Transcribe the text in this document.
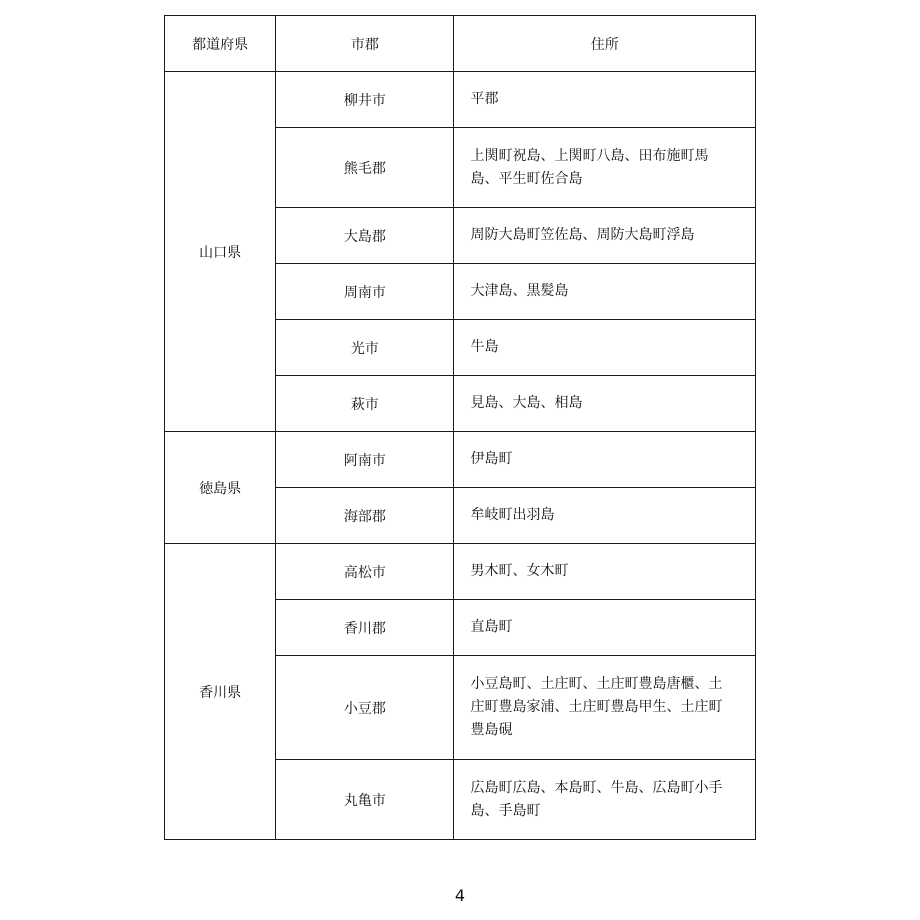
都道府県	市郡	住所
山口県	柳井市	平郡
	熊毛郡	上関町祝島、上関町八島、田布施町馬島、平生町佐合島
	大島郡	周防大島町笠佐島、周防大島町浮島
	周南市	大津島、黒髪島
	光市	牛島
	萩市	見島、大島、相島
徳島県	阿南市	伊島町
	海部郡	牟岐町出羽島
香川県	高松市	男木町、女木町
	香川郡	直島町
	小豆郡	小豆島町、土庄町、土庄町豊島唐櫃、土庄町豊島家浦、土庄町豊島甲生、土庄町豊島硯
	丸亀市	広島町広島、本島町、牛島、広島町小手島、手島町
4
